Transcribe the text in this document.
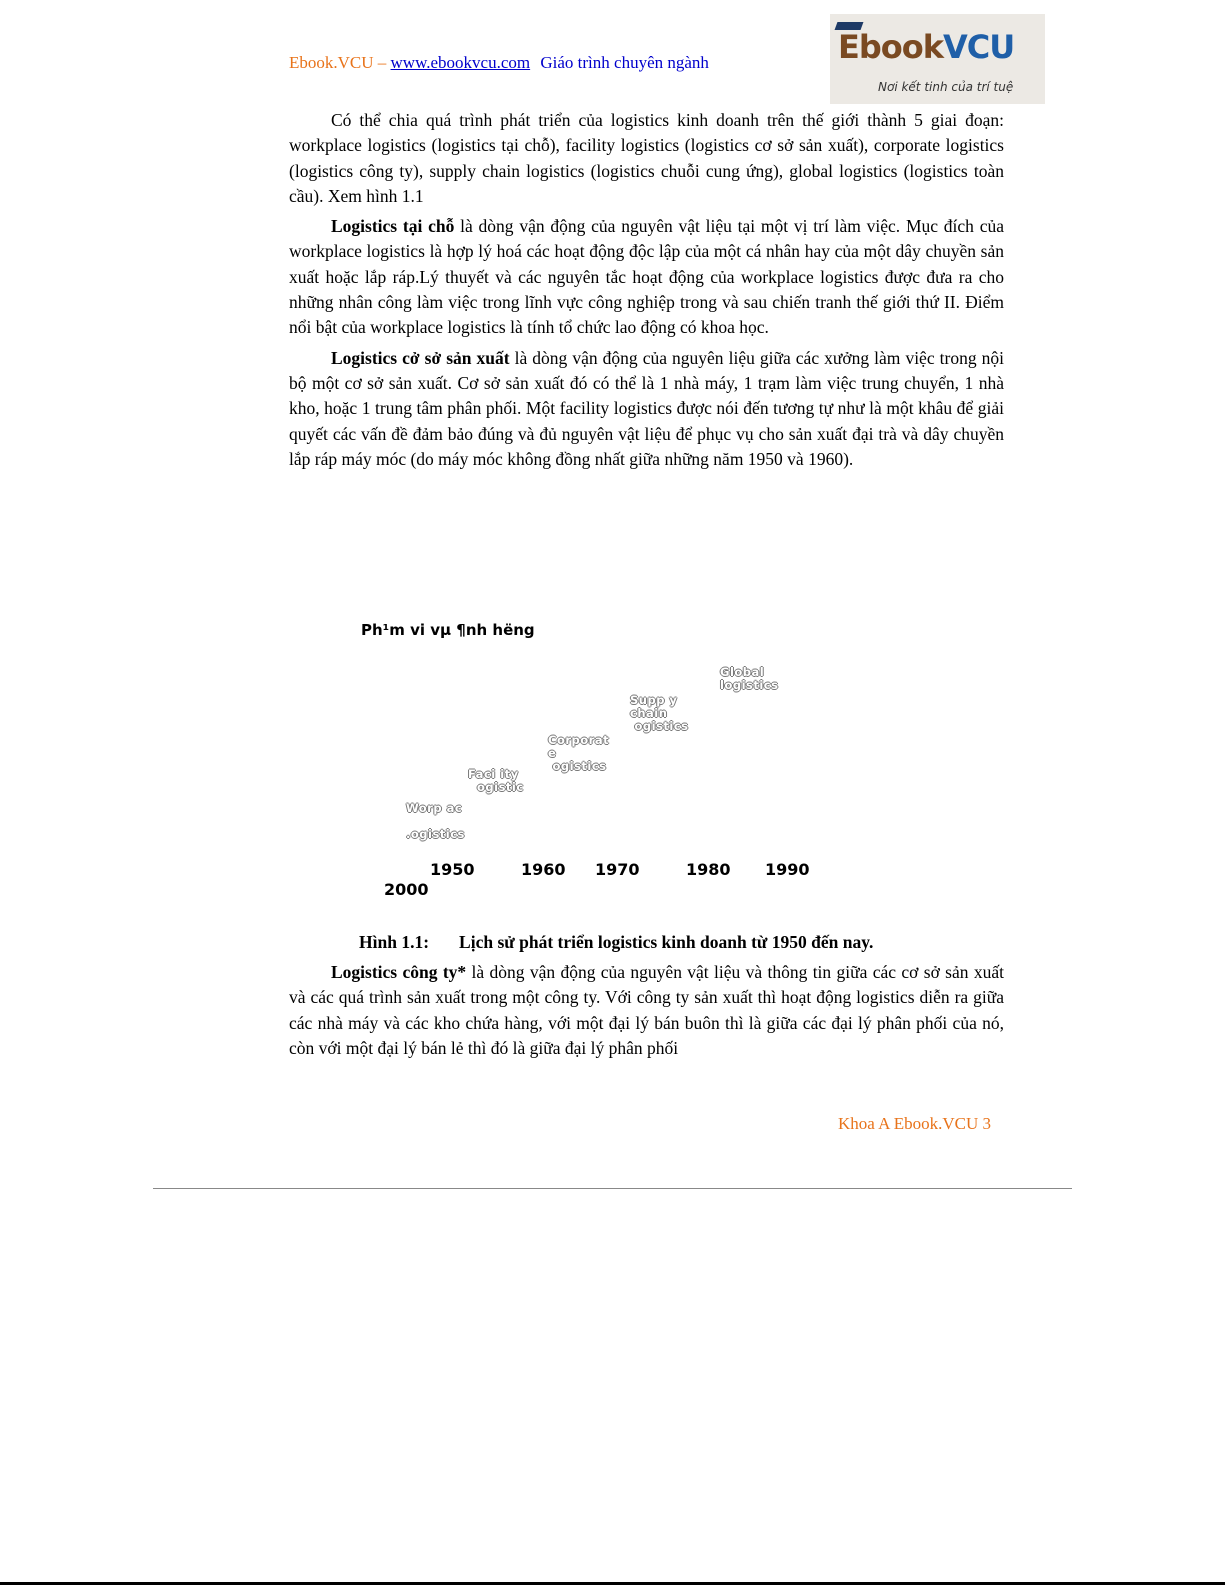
Ebook.VCU – www.ebookvcu.com Giáo trình chuyên ngành	EbookVCU
Nơi kết tinh của trí tuệ

Có thể chia quá trình phát triển của logistics kinh doanh trên thế giới thành 5 giai đoạn: workplace logistics (logistics tại chỗ), facility logistics (logistics cơ sở sản xuất), corporate logistics (logistics công ty), supply chain logistics (logistics chuỗi cung ứng), global logistics (logistics toàn cầu). Xem hình 1.1

Logistics tại chỗ là dòng vận động của nguyên vật liệu tại một vị trí làm việc. Mục đích của workplace logistics là hợp lý hoá các hoạt động độc lập của một cá nhân hay của một dây chuyền sản xuất hoặc lắp ráp.Lý thuyết và các nguyên tắc hoạt động của workplace logistics được đưa ra cho những nhân công làm việc trong lĩnh vực công nghiệp trong và sau chiến tranh thế giới thứ II. Điểm nổi bật của workplace logistics là tính tổ chức lao động có khoa học.

Logistics cở sở sản xuất là dòng vận động của nguyên liệu giữa các xưởng làm việc trong nội bộ một cơ sở sản xuất. Cơ sở sản xuất đó có thể là 1 nhà máy, 1 trạm làm việc trung chuyển, 1 nhà kho, hoặc 1 trung tâm phân phối. Một facility logistics được nói đến tương tự như là một khâu để giải quyết các vấn đề đảm bảo đúng và đủ nguyên vật liệu để phục vụ cho sản xuất đại trà và dây chuyền lắp ráp máy móc (do máy móc không đồng nhất giữa những năm 1950 và 1960).

Ph¹m vi vµ ¶nh hëng
1950	1960 1970	1980 1990
2000
Worp ac

.ogistics
Faci ity
ogistic
Corporat
e
ogistics
Supp y
chain
ogistics
Global
logistics
Hình 1.1: Lịch sử phát triển logistics kinh doanh từ 1950 đến nay.

Logistics công ty* là dòng vận động của nguyên vật liệu và thông tin giữa các cơ sở sản xuất và các quá trình sản xuất trong một công ty. Với công ty sản xuất thì hoạt động logistics diễn ra giữa các nhà máy và các kho chứa hàng, với một đại lý bán buôn thì là giữa các đại lý phân phối của nó, còn với một đại lý bán lẻ thì đó là giữa đại lý phân phối

Khoa A Ebook.VCU 3
